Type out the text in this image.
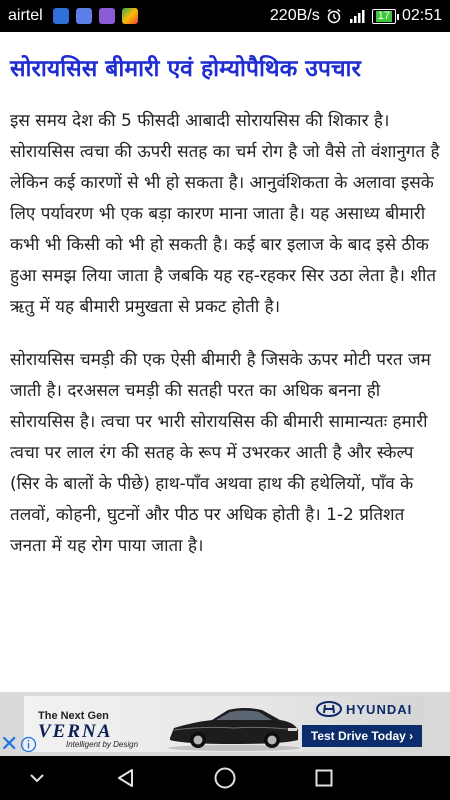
airtel	220B/s	17 02:51
सोरायसिस बीमारी एवं होम्योपैथिक उपचार

इस समय देश की 5 फीसदी आबादी सोरायसिस की शिकार है। सोरायसिस त्वचा की ऊपरी सतह का चर्म रोग है जो वैसे तो वंशानुगत है लेकिन कई कारणों से भी हो सकता है। आनुवंशिकता के अलावा इसके लिए पर्यावरण भी एक बड़ा कारण माना जाता है। यह असाध्य बीमारी कभी भी किसी को भी हो सकती है। कई बार इलाज के बाद इसे ठीक हुआ समझ लिया जाता है जबकि यह रह-रहकर सिर उठा लेता है। शीत ऋतु में यह बीमारी प्रमुखता से प्रकट होती है।

सोरायसिस चमड़ी की एक ऐसी बीमारी है जिसके ऊपर मोटी परत जम जाती है। दरअसल चमड़ी की सतही परत का अधिक बनना ही सोरायसिस है। त्वचा पर भारी सोरायसिस की बीमारी सामान्यतः हमारी त्वचा पर लाल रंग की सतह के रूप में उभरकर आती है और स्केल्प (सिर के बालों के पीछे) हाथ-पाँव अथवा हाथ की हथेलियों, पाँव के तलवों, कोहनी, घुटनों और पीठ पर अधिक होती है। 1-2 प्रतिशत जनता में यह रोग पाया जाता है।

The Next Gen
VERNA
Intelligent by Design
HYUNDAI
Test Drive Today ›
✕
